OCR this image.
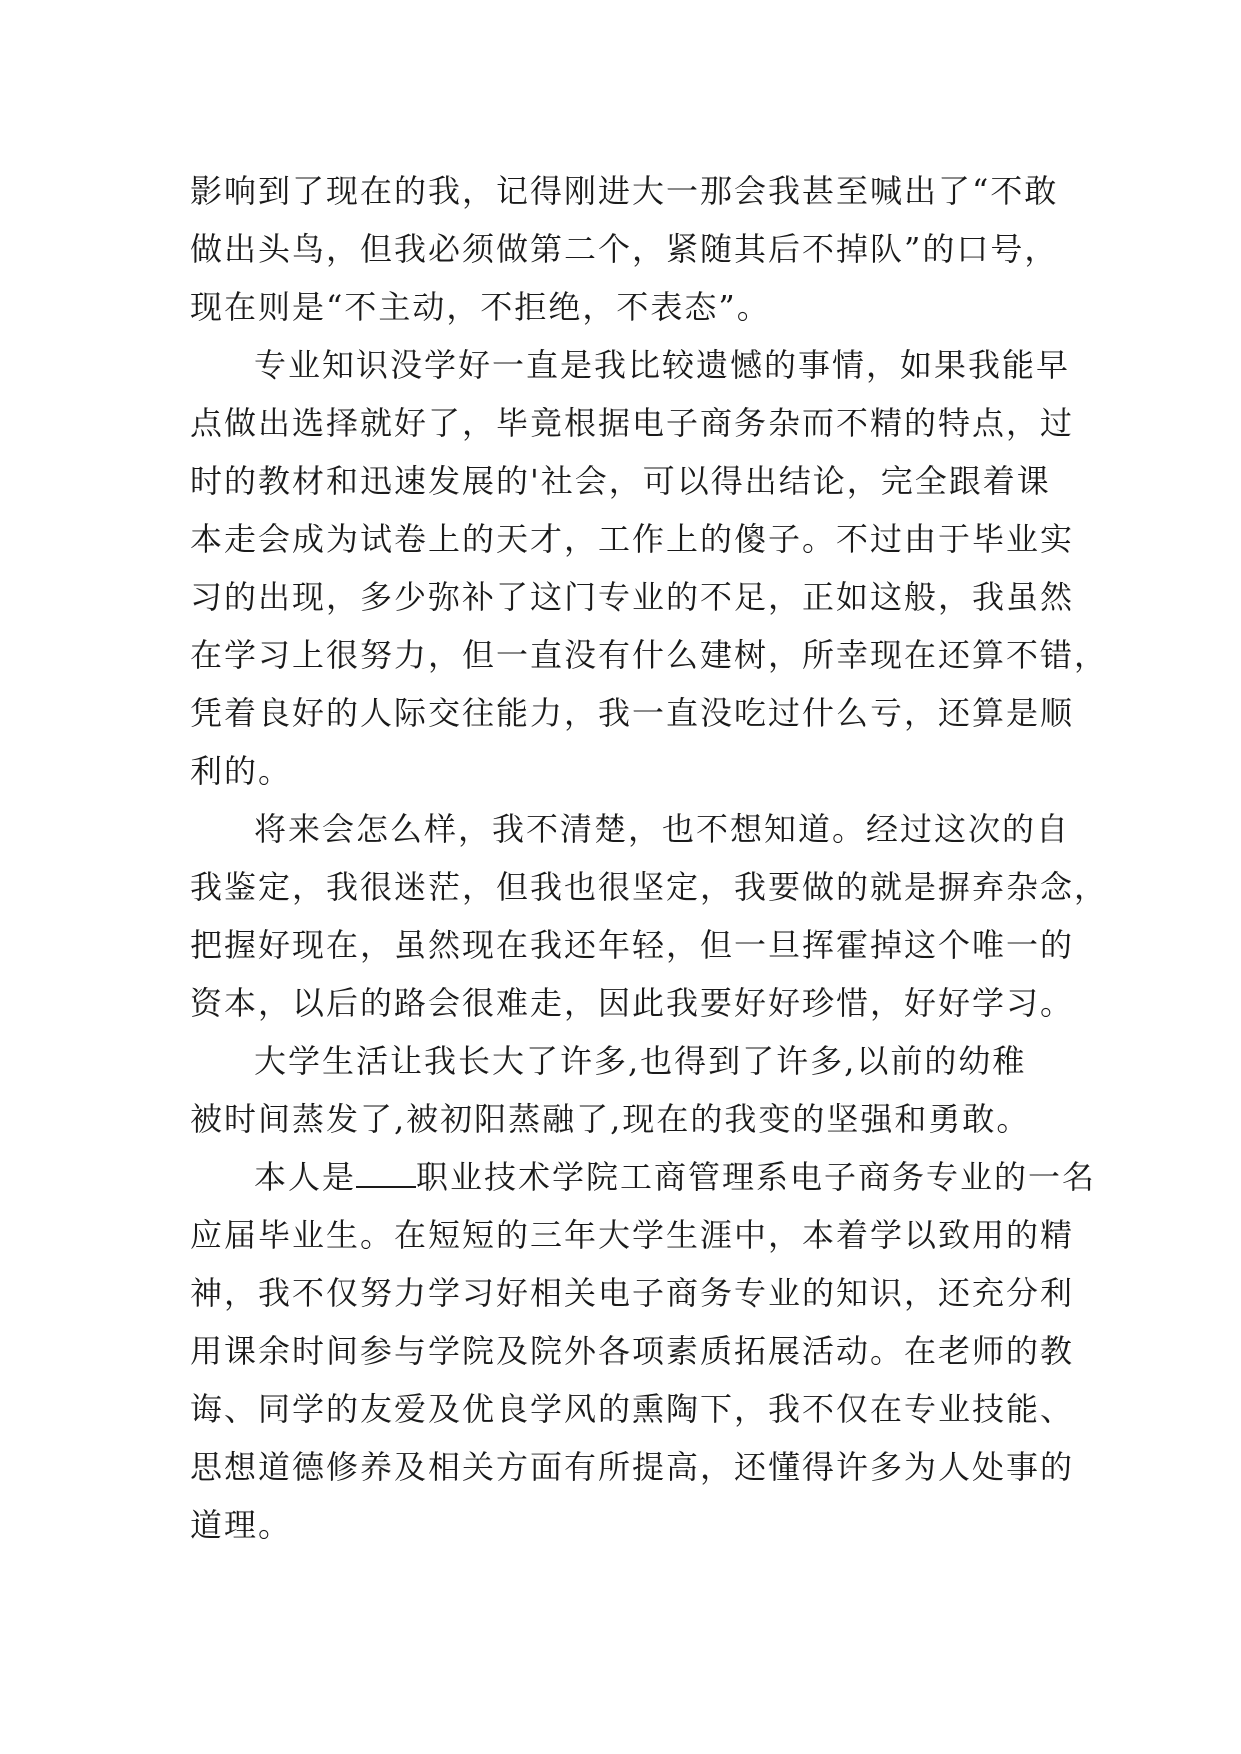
影响到了现在的我，记得刚进大一那会我甚至喊出了“不敢
做出头鸟，但我必须做第二个，紧随其后不掉队”的口号，
现在则是“不主动，不拒绝，不表态”。
专业知识没学好一直是我比较遗憾的事情，如果我能早
点做出选择就好了，毕竟根据电子商务杂而不精的特点，过
时的教材和迅速发展的'社会，可以得出结论，完全跟着课
本走会成为试卷上的天才，工作上的傻子。不过由于毕业实
习的出现，多少弥补了这门专业的不足，正如这般，我虽然
在学习上很努力，但一直没有什么建树，所幸现在还算不错，
凭着良好的人际交往能力，我一直没吃过什么亏，还算是顺
利的。
将来会怎么样，我不清楚，也不想知道。经过这次的自
我鉴定，我很迷茫，但我也很坚定，我要做的就是摒弃杂念，
把握好现在，虽然现在我还年轻，但一旦挥霍掉这个唯一的
资本，以后的路会很难走，因此我要好好珍惜，好好学习。
大学生活让我长大了许多,也得到了许多,以前的幼稚
被时间蒸发了,被初阳蒸融了,现在的我变的坚强和勇敢。
本人是 职业技术学院工商管理系电子商务专业的一名
应届毕业生。在短短的三年大学生涯中，本着学以致用的精
神，我不仅努力学习好相关电子商务专业的知识，还充分利
用课余时间参与学院及院外各项素质拓展活动。在老师的教
诲、同学的友爱及优良学风的熏陶下，我不仅在专业技能、
思想道德修养及相关方面有所提高，还懂得许多为人处事的
道理。
